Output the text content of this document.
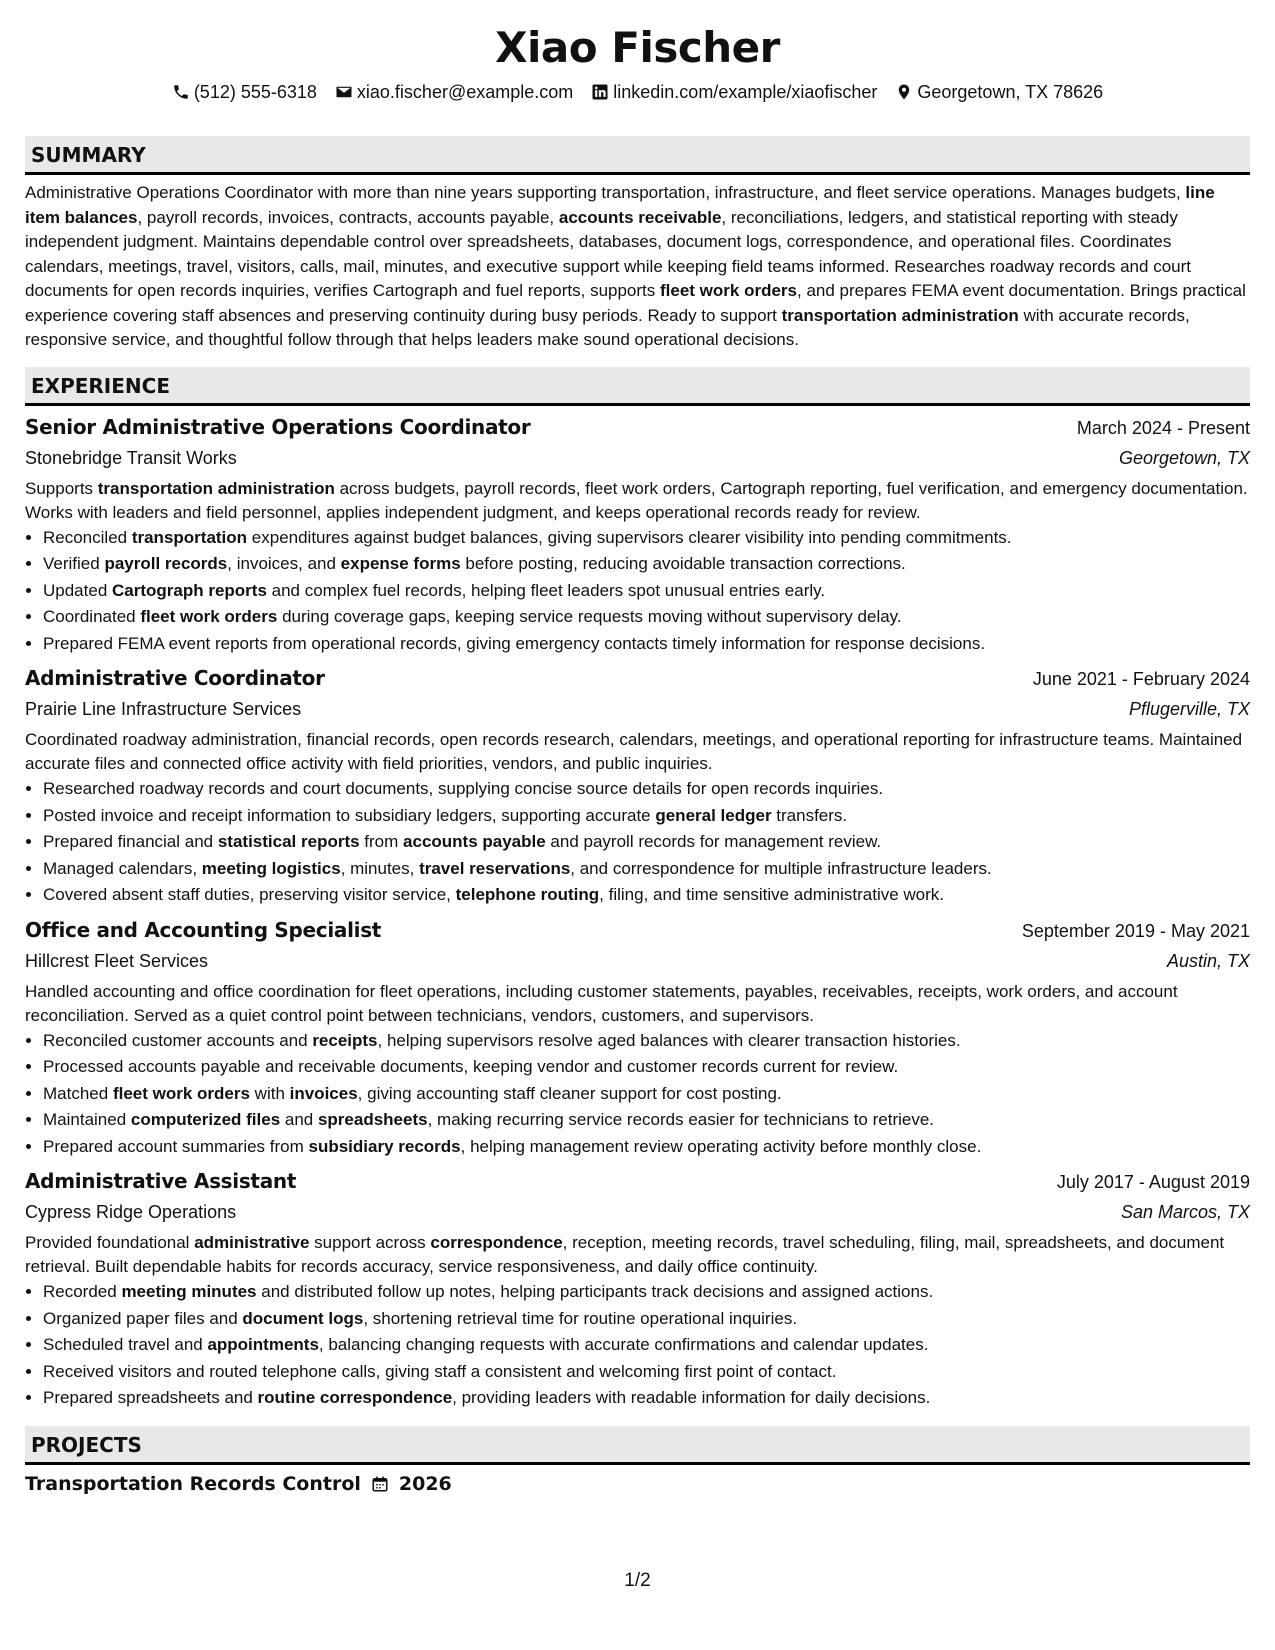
Xiao Fischer
(512) 555-6318 xiao.fischer@example.com linkedin.com/example/xiaofischer Georgetown, TX 78626
SUMMARY
Administrative Operations Coordinator with more than nine years supporting transportation, infrastructure, and fleet service operations. Manages budgets, line item balances, payroll records, invoices, contracts, accounts payable, accounts receivable, reconciliations, ledgers, and statistical reporting with steady independent judgment. Maintains dependable control over spreadsheets, databases, document logs, correspondence, and operational files. Coordinates calendars, meetings, travel, visitors, calls, mail, minutes, and executive support while keeping field teams informed. Researches roadway records and court documents for open records inquiries, verifies Cartograph and fuel reports, supports fleet work orders, and prepares FEMA event documentation. Brings practical experience covering staff absences and preserving continuity during busy periods. Ready to support transportation administration with accurate records, responsive service, and thoughtful follow through that helps leaders make sound operational decisions.
EXPERIENCE
Senior Administrative Operations Coordinator	March 2024 - Present
Stonebridge Transit Works	Georgetown, TX
Supports transportation administration across budgets, payroll records, fleet work orders, Cartograph reporting, fuel verification, and emergency documentation. Works with leaders and field personnel, applies independent judgment, and keeps operational records ready for review.
• Reconciled transportation expenditures against budget balances, giving supervisors clearer visibility into pending commitments.
• Verified payroll records, invoices, and expense forms before posting, reducing avoidable transaction corrections.
• Updated Cartograph reports and complex fuel records, helping fleet leaders spot unusual entries early.
• Coordinated fleet work orders during coverage gaps, keeping service requests moving without supervisory delay.
• Prepared FEMA event reports from operational records, giving emergency contacts timely information for response decisions.
Administrative Coordinator	June 2021 - February 2024
Prairie Line Infrastructure Services	Pflugerville, TX
Coordinated roadway administration, financial records, open records research, calendars, meetings, and operational reporting for infrastructure teams. Maintained accurate files and connected office activity with field priorities, vendors, and public inquiries.
• Researched roadway records and court documents, supplying concise source details for open records inquiries.
• Posted invoice and receipt information to subsidiary ledgers, supporting accurate general ledger transfers.
• Prepared financial and statistical reports from accounts payable and payroll records for management review.
• Managed calendars, meeting logistics, minutes, travel reservations, and correspondence for multiple infrastructure leaders.
• Covered absent staff duties, preserving visitor service, telephone routing, filing, and time sensitive administrative work.
Office and Accounting Specialist	September 2019 - May 2021
Hillcrest Fleet Services	Austin, TX
Handled accounting and office coordination for fleet operations, including customer statements, payables, receivables, receipts, work orders, and account reconciliation. Served as a quiet control point between technicians, vendors, customers, and supervisors.
• Reconciled customer accounts and receipts, helping supervisors resolve aged balances with clearer transaction histories.
• Processed accounts payable and receivable documents, keeping vendor and customer records current for review.
• Matched fleet work orders with invoices, giving accounting staff cleaner support for cost posting.
• Maintained computerized files and spreadsheets, making recurring service records easier for technicians to retrieve.
• Prepared account summaries from subsidiary records, helping management review operating activity before monthly close.
Administrative Assistant	July 2017 - August 2019
Cypress Ridge Operations	San Marcos, TX
Provided foundational administrative support across correspondence, reception, meeting records, travel scheduling, filing, mail, spreadsheets, and document retrieval. Built dependable habits for records accuracy, service responsiveness, and daily office continuity.
• Recorded meeting minutes and distributed follow up notes, helping participants track decisions and assigned actions.
• Organized paper files and document logs, shortening retrieval time for routine operational inquiries.
• Scheduled travel and appointments, balancing changing requests with accurate confirmations and calendar updates.
• Received visitors and routed telephone calls, giving staff a consistent and welcoming first point of contact.
• Prepared spreadsheets and routine correspondence, providing leaders with readable information for daily decisions.
PROJECTS
Transportation Records Control 2026
1/2
